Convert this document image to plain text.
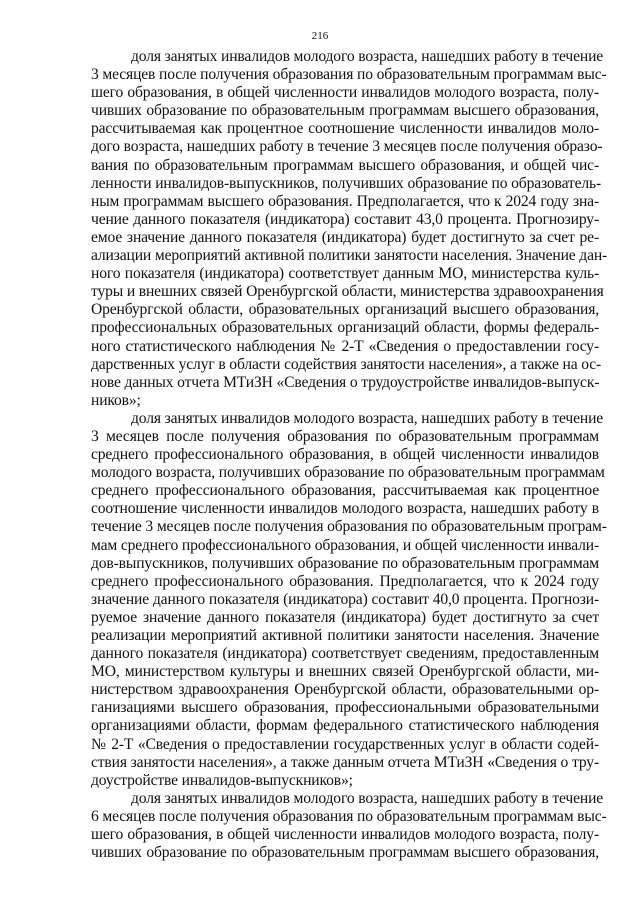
216
доля занятых инвалидов молодого возраста, нашедших работу в течение
3 месяцев после получения образования по образовательным программам выс-
шего образования, в общей численности инвалидов молодого возраста, полу-
чивших образование по образовательным программам высшего образования,
рассчитываемая как процентное соотношение численности инвалидов моло-
дого возраста, нашедших работу в течение 3 месяцев после получения образо-
вания по образовательным программам высшего образования, и общей чис-
ленности инвалидов-выпускников, получивших образование по образователь-
ным программам высшего образования. Предполагается, что к 2024 году зна-
чение данного показателя (индикатора) составит 43,0 процента. Прогнозиру-
емое значение данного показателя (индикатора) будет достигнуто за счет ре-
ализации мероприятий активной политики занятости населения. Значение дан-
ного показателя (индикатора) соответствует данным МО, министерства куль-
туры и внешних связей Оренбургской области, министерства здравоохранения
Оренбургской области, образовательных организаций высшего образования,
профессиональных образовательных организаций области, формы федераль-
ного статистического наблюдения № 2-Т «Сведения о предоставлении госу-
дарственных услуг в области содействия занятости населения», а также на ос-
нове данных отчета МТиЗН «Сведения о трудоустройстве инвалидов-выпуск-
ников»;
доля занятых инвалидов молодого возраста, нашедших работу в течение
3 месяцев после получения образования по образовательным программам
среднего профессионального образования, в общей численности инвалидов
молодого возраста, получивших образование по образовательным программам
среднего профессионального образования, рассчитываемая как процентное
соотношение численности инвалидов молодого возраста, нашедших работу в
течение 3 месяцев после получения образования по образовательным програм-
мам среднего профессионального образования, и общей численности инвали-
дов-выпускников, получивших образование по образовательным программам
среднего профессионального образования. Предполагается, что к 2024 году
значение данного показателя (индикатора) составит 40,0 процента. Прогнози-
руемое значение данного показателя (индикатора) будет достигнуто за счет
реализации мероприятий активной политики занятости населения. Значение
данного показателя (индикатора) соответствует сведениям, предоставленным
МО, министерством культуры и внешних связей Оренбургской области, ми-
нистерством здравоохранения Оренбургской области, образовательными ор-
ганизациями высшего образования, профессиональными образовательными
организациями области, формам федерального статистического наблюдения
№ 2-Т «Сведения о предоставлении государственных услуг в области содей-
ствия занятости населения», а также данным отчета МТиЗН «Сведения о тру-
доустройстве инвалидов-выпускников»;
доля занятых инвалидов молодого возраста, нашедших работу в течение
6 месяцев после получения образования по образовательным программам выс-
шего образования, в общей численности инвалидов молодого возраста, полу-
чивших образование по образовательным программам высшего образования,
